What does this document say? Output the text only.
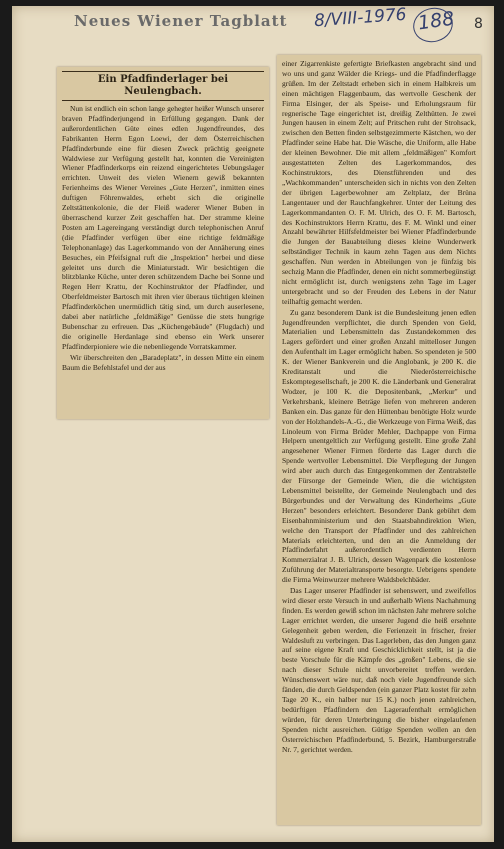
Neues Wiener Tagblatt 8/VIII-1976 188 8
Ein Pfadfinderlager bei Neulengbach.

Nun ist endlich ein schon lange gehegter heißer Wunsch unserer braven Pfadfinderjungend in Erfüllung gegangen. Dank der außerordentlichen Güte eines edlen Jugendfreundes, des Fabrikanten Herrn Egon Loewi, der dem Österreichischen Pfadfinderbunde eine für diesen Zweck prächtig geeignete Waldwiese zur Verfügung gestellt hat, konnten die Vereinigten Wiener Pfadfinderkorps ein reizend eingerichtetes Uebungslager errichten. Unweit des vielen Wienern gewiß bekannten Ferienheims des Wiener Vereines „Gute Herzen", inmitten eines duftigen Föhrenwaldes, erhebt sich die originelle Zeltstättenkolonie, die der Fleiß waderer Wiener Buben in überraschend kurzer Zeit geschaffen hat. Der stramme kleine Posten am Lagereingang verständigt durch telephonischen Anruf (die Pfadfinder verfügen über eine richtige feldmäßige Telephonanlage) das Lagerkommando von der Annäherung eines Besuches, ein Pfeifsignal ruft die „Inspektion" herbei und diese geleitet uns durch die Miniaturstadt. Wir besichtigen die blitzblanke Küche, unter deren schützendem Dache bei Sonne und Regen Herr Krattu, der Kochinstruktor der Pfadfinder, und Oberfeldmeister Bartosch mit ihren vier überaus tüchtigen kleinen Pfadfinderköchen unermüdlich tätig sind, um durch auserlesene, dabei aber natürliche „feldmäßige" Genüsse die stets hungrige Bubenschar zu erfreuen. Das „Küchengebäude" (Flugdach) und die originelle Herdanlage sind ebenso ein Werk unserer Pfadfinderpioniere wie die nebenliegende Vorratskammer.

Wir überschreiten den „Baradeplatz", in dessen Mitte ein einem Baum die Befehlstafel und der aus

einer Zigarrenkiste gefertigte Briefkasten angebracht sind und wo uns und ganz Wälder die Kriegs- und die Pfadfinderflagge grüßen. Im der Zeltstadt erheben sich in einem Halbkreis um einen mächtigen Flaggenbaum, das wertvolle Geschenk der Firma Elsinger, der als Speise- und Erholungsraum für regnerische Tage eingerichtet ist, dreißig Zelthütten. Je zwei Jungen hausen in einem Zelt; auf Pritschen ruht der Strohsack, zwischen den Betten finden selbstgezimmerte Kästchen, wo der Pfadfinder seine Habe hat. Die Wäsche, die Uniform, alle Habe der kleinen Bewohner. Die mit allem „feldmäßigen" Komfort ausgestatteten Zelten des Lagerkommandos, des Kochinstruktors, des Dienstführenden und des „Wachkommanden" unterscheiden sich in nichts von den Zelten der übrigen Lagerbewohner am Zeltplatz, der Brüna Langentauer und der Rauchfangkehrer. Unter der Leitung des Lagerkommandanten O. F. M. Ulrich, des O. F. M. Bartosch, des Kochinstruktors Herrn Krattu, des F. M. Winkl und einer Anzahl bewährter Hilfsfeldmeister bei Wiener Pfadfinderbunde die Jungen der Bauabteilung dieses kleine Wunderwerk selbständiger Technik in kaum zehn Tagen aus dem Nichts geschaffen. Nun werden in Abteilungen von je fünfzig bis sechzig Mann die Pfadfinder, denen ein nicht sommerbegünstigt nicht ermöglicht ist, durch wenigstens zehn Tage im Lager untergebracht und so der Freuden des Lebens in der Natur teilhaftig gemacht werden.

Zu ganz besonderem Dank ist die Bundesleitung jenen edlen Jugendfreunden verpflichtet, die durch Spenden von Geld, Materialien und Lebensmitteln das Zustandekommen des Lagers gefördert und einer großen Anzahl mittelloser Jungen den Aufenthalt im Lager ermöglicht haben. So spendeten je 500 K. der Wiener Bankverein und die Anglobank, je 200 K. die Kreditanstalt und die Niederösterreichische Eskomptegesellschaft, je 200 K. die Länderbank und Generalrat Wodzer, je 100 K. die Depositenbank, „Merkur" und Verkehrsbank, kleinere Beträge liefen von mehreren anderen Banken ein. Das ganze für den Hüttenbau benötigte Holz wurde von der Holzhandels-A.-G., die Werkzeuge von Firma Weiß, das Linoleum von Firma Brüder Mehler, Dachpappe von Firma Helpern unentgeltlich zur Verfügung gestellt. Eine große Zahl angesehener Wiener Firmen förderte das Lager durch die Spende wertvoller Lebensmittel. Die Verpflegung der Jungen wird aber auch durch das Entgegenkommen der Zentralstelle der Fürsorge der Gemeinde Wien, die die wichtigsten Lebensmittel beistellte, der Gemeinde Neulengbach und des Bürgerbundes und der Verwaltung des Kinderheims „Gute Herzen" besonders erleichtert. Besonderer Dank gebührt dem Eisenbahnministerium und den Staatsbahndirektion Wien, welche den Transport der Pfadfinder und des zahlreichen Materials erleichterten, und den an die Anmeldung der Pfadfinderfahrt außerordentlich verdienten Herrn Kommerzialrat J. B. Ulrich, dessen Wagenpark die kostenlose Zuführung der Materialtransporte besorgte. Uebrigens spendete die Firma Weinwurzer mehrere Waldsbelchbäder.

Das Lager unserer Pfadfinder ist sehenswert, und zweifellos wird dieser erste Versuch in und außerhalb Wiens Nachahmung finden. Es werden gewiß schon im nächsten Jahr mehrere solche Lager errichtet werden, die unserer Jugend die heiß ersehnte Gelegenheit geben werden, die Ferienzeit in frischer, freier Waldesluft zu verbringen. Das Lagerleben, das den Jungen ganz auf seine eigene Kraft und Geschicklichkeit stellt, ist ja die beste Vorschule für die Kämpfe des „großen" Lebens, die sie nach dieser Schule nicht unvorbereitet treffen werden. Wünschenswert wäre nur, daß noch viele Jugendfreunde sich fänden, die durch Geldspenden (ein ganzer Platz kostet für zehn Tage 20 K., ein halber nur 15 K.) noch jenen zahlreichen, bedürftigen Pfadfindern den Lageraufenthalt ermöglichen würden, für deren Unterbringung die bisher eingelaufenen Spenden nicht ausreichen. Gütige Spenden wollen an den Österreichischen Pfadfinderbund, 5. Bezirk, Hamburgerstraße Nr. 7, gerichtet werden.
